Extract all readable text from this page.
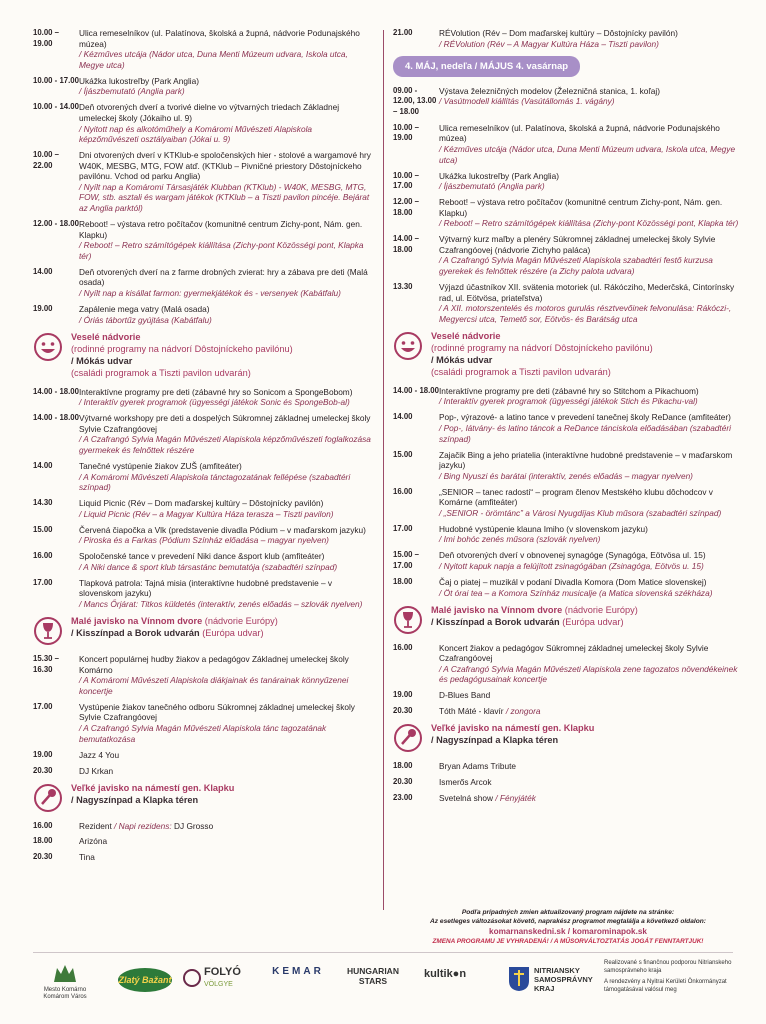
10.00 – 19.00
Ulica remeselníkov (ul. Palatínova, školská a župná, nádvorie Podunajského múzea)
/ Kézműves utcája (Nádor utca, Duna Menti Múzeum udvara, Iskola utca, Megye utca)
10.00 - 17.00 Ukážka lukostreľby (Park Anglia)
/ Íjászbemutató (Anglia park)
10.00 - 14.00 Deň otvorených dverí a tvorivé dielne vo výtvarných triedach Základnej umeleckej školy (Jókaiho ul. 9)
/ Nyitott nap és alkotóműhely a Komáromi Művészeti Alapiskola képzőművészeti osztályaiban (Jókai u. 9)
10.00 – 22.00
Dni otvorených dverí v KTKlub-e spoločenských hier - stolové a wargamové hry W40K, MESBG, MTG, FOW atď. (KTKlub – Pivničné priestory Dôstojníckeho pavilónu. Vchod od parku Anglia)
/ Nyílt nap a Komáromi Társasjáték Klubban (KTKlub) - W40K, MESBG, MTG, FOW, stb. asztali és wargam játékok (KTKlub – a Tiszti pavilon pincéje. Bejárat az Anglia parktól)
12.00 - 18.00 Reboot! – výstava retro počítačov (komunitné centrum Zichy-pont, Nám. gen. Klapku)
/ Reboot! – Retro számítógépek kiállítása (Zichy-pont Közösségi pont, Klapka tér)
14.00	Deň otvorených dverí na z farme drobných zvierat: hry a zábava pre deti (Malá osada)
/ Nyílt nap a kisállat farmon: gyermekjátékok és - versenyek (Kabátfalu)
19.00	Zapálenie mega vatry (Malá osada)
/ Óriás tábortűz gyújtása (Kabátfalu)
Veselé nádvorie
(rodinné programy na nádvorí Dôstojníckeho pavilónu)
/ Mókás udvar
(családi programok a Tiszti pavilon udvarán)
14.00 - 18.00 Interaktívne programy pre deti (zábavné hry so Sonicom a SpongeBobom)
/ Interaktív gyerek programok (ügyességi játékok Sonic és SpongeBob-al)
14.00 - 18.00 Výtvarné workshopy pre deti a dospelých Súkromnej základnej umeleckej školy Sylvie Czafrangóovej
/ A Czafrangó Sylvia Magán Művészeti Alapiskola képzőművészeti foglalkozása gyermekek és felnőttek részére
14.00	Tanečné vystúpenie žiakov ZUŠ (amfiteáter)
/ A Komáromi Művészeti Alapiskola tánctagozatának fellépése (szabadtéri színpad)
14.30	Liquid Picnic (Rév – Dom maďarskej kultúry – Dôstojnícky pavilón)
/ Liquid Picnic (Rév – a Magyar Kultúra Háza terasza – Tiszti pavilon)
15.00	Červená čiapočka a Vlk (predstavenie divadla Pódium – v maďarskom jazyku)
/ Piroska és a Farkas (Pódium Színház előadása – magyar nyelven)
16.00	Spoločenské tance v prevedení Niki dance &sport klub (amfiteáter)
/ A Niki dance & sport klub társastánc bemutatója (szabadtéri színpad)
17.00	Tlapková patrola: Tajná misia (interaktívne hudobné predstavenie – v slovenskom jazyku)
/ Mancs Őrjárat: Titkos küldetés (interaktív, zenés előadás – szlovák nyelven)
Malé javisko na Vínnom dvore (nádvorie Európy)
/ Kisszínpad a Borok udvarán (Európa udvar)
15.30 – 16.30
Koncert populárnej hudby žiakov a pedagógov Základnej umeleckej školy Komárno
/ A Komáromi Művészeti Alapiskola diákjainak és tanárainak könnyűzenei koncertje
17.00	Vystúpenie žiakov tanečného odboru Súkromnej základnej umeleckej školy Sylvie Czafrangóovej
/ A Czafrangó Sylvia Magán Művészeti Alapiskola tánc tagozatának bemutatkozása
19.00	Jazz 4 You
20.30	DJ Krkan
Veľké javisko na námestí gen. Klapku
/ Nagyszínpad a Klapka téren
16.00	Rezident / Napi rezidens: DJ Grosso
18.00	Arizóna
20.30	Tina
21.00	RÉVolution (Rév – Dom maďarskej kultúry – Dôstojnícky pavilón)
/ RÉVolution (Rév – A Magyar Kultúra Háza – Tiszti pavilon)
4. MÁJ, nedeľa / MÁJUS 4. vasárnap
09.00 - 12.00, 13.00 – 18.00
Výstava železničných modelov (Železničná stanica, 1. koľaj)
/ Vasútmodell kiállítás (Vasútállomás 1. vágány)
10.00 – 19.00
Ulica remeselníkov (ul. Palatínova, školská a župná, nádvorie Podunajského múzea)
/ Kézműves utcája (Nádor utca, Duna Menti Múzeum udvara, Iskola utca, Megye utca)
10.00 – 17.00
Ukážka lukostreľby (Park Anglia)
/ Íjászbemutató (Anglia park)
12.00 – 18.00
Reboot! – výstava retro počítačov (komunitné centrum Zichy-pont, Nám. gen. Klapku)
/ Reboot! – Retro számítógépek kiállítása (Zichy-pont Közösségi pont, Klapka tér)
14.00 – 18.00
Výtvarný kurz maľby a plenéry Súkromnej základnej umeleckej školy Sylvie Czafrangóovej (nádvorie Zichyho paláca)
/ A Czafrangó Sylvia Magán Művészeti Alapiskola szabadtéri festő kurzusa gyerekek és felnőttek részére (a Zichy palota udvara)
13.30	Výjazd účastníkov XII. svätenia motoriek (ul. Rákócziho, Mederčská, Cintorínsky rad, ul. Eötvösa, priateľstva)
/ A XII. motorszentelés és motoros gurulás résztvevőinek felvonulása: Rákóczi-, Megyercsi utca, Temető sor, Eötvös- és Barátság utca
Veselé nádvorie
(rodinné programy na nádvorí Dôstojníckeho pavilónu)
/ Mókás udvar
(családi programok a Tiszti pavilon udvarán)
14.00 - 18.00 Interaktívne programy pre deti (zábavné hry so Stitchom a Pikachuom)
/ Interaktív gyerek programok (ügyességi játékok Stich és Pikachu-val)
14.00	Pop-, výrazové- a latino tance v prevedení tanečnej školy ReDance (amfiteáter)
/ Pop-, látvány- és latino táncok a ReDance tánciskola előadásában (szabadtéri színpad)
15.00	Zajačik Bing a jeho priatelia (interaktívne hudobné predstavenie – v maďarskom jazyku)
/ Bing Nyuszi és barátai (interaktív, zenés előadás – magyar nyelven)
16.00	„SENIOR – tanec radosti“ – program členov Mestského klubu dôchodcov v Komárne (amfiteáter)
/ „SENIOR - örömtánc” a Városi Nyugdíjas Klub műsora (szabadtéri színpad)
17.00	Hudobné vystúpenie klauna Imiho (v slovenskom jazyku)
/ Imi bohóc zenés műsora (szlovák nyelven)
15.00 – 17.00
Deň otvorených dverí v obnovenej synagóge (Synagóga, Eötvösa ul. 15)
/ Nyitott kapuk napja a felújított zsinagógában (Zsinagóga, Eötvös u. 15)
18.00	Čaj o piatej – muzikál v podaní Divadla Komora (Dom Matice slovenskej)
/ Öt órai tea – a Komora Színház musicalje (a Matica slovenská székháza)
Malé javisko na Vínnom dvore (nádvorie Európy)
/ Kisszínpad a Borok udvarán (Európa udvar)
16.00	Koncert žiakov a pedagógov Súkromnej základnej umeleckej školy Sylvie Czafrangóovej
/ A Czafrangó Sylvia Magán Művészeti Alapiskola zene tagozatos növendékeinek és pedagógusainak koncertje
19.00	D-Blues Band
20.30	Tóth Máté - klavír / zongora
Veľké javisko na námestí gen. Klapku
/ Nagyszínpad a Klapka téren
18.00	Bryan Adams Tribute
20.30	Ismerős Arcok
23.00	Svetelná show / Fényjáték
Podľa prípadných zmien aktualizovaný program nájdete na stránke:
Az esetleges változásokat követő, naprakész programot megtalálja a következő oldalon:
komarnanskedni.sk / komarominapok.sk
ZMENA PROGRAMU JE VYHRADENÁ! / A MŰSORVÁLTOZTATÁS JOGÁT FENNTARTJUK!
Mesto Komárno Komárom Város
Zlatý Bažant
FOLYÓ
VÖLGYE
KEMAR	HUNGARIAN STARS
kultik●n	NITRIANSKY SAMOSPRÁVNY KRAJ
Realizované s finančnou podporou Nitrianskeho samosprávneho kraja
A rendezvény a Nyitrai Kerületi Önkormányzat támogatásával valósul meg
